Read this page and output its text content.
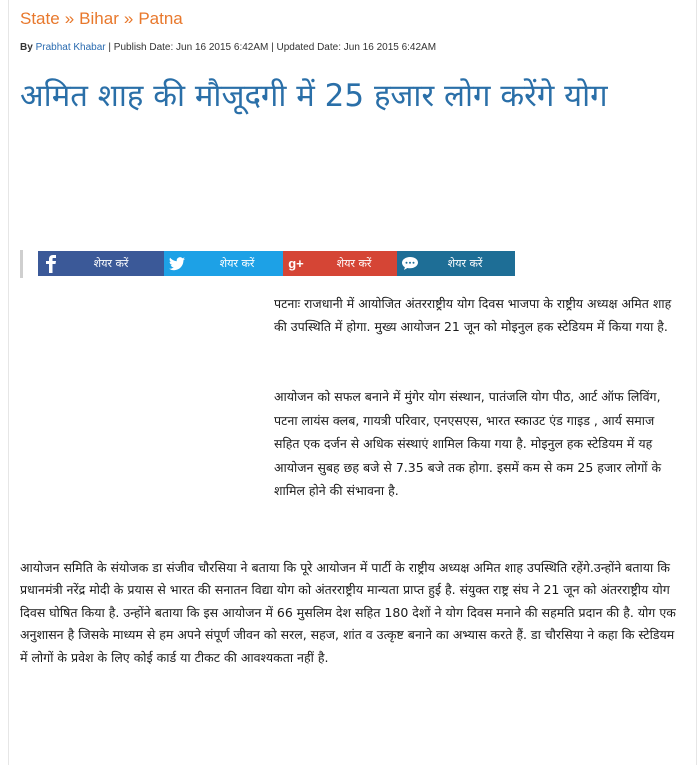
State » Bihar » Patna
By Prabhat Khabar | Publish Date: Jun 16 2015 6:42AM | Updated Date: Jun 16 2015 6:42AM
अमित शाह की मौजूदगी में 25 हजार लोग करेंगे योग
शेयर करें	शेयर करें	g+	शेयर करें	शेयर करें

पटनाः राजधानी में आयोजित अंतरराष्ट्रीय योग दिवस भाजपा के राष्ट्रीय अध्यक्ष अमित शाह की उपस्थिति में होगा. मुख्य आयोजन 21 जून को मोइनुल हक स्टेडियम में किया गया है.

आयोजन को सफल बनाने में मुंगेर योग संस्थान, पातंजलि योग पीठ, आर्ट ऑफ लिविंग, पटना लायंस क्लब, गायत्री परिवार, एनएसएस, भारत स्काउट एंड गाइड , आर्य समाज सहित एक दर्जन से अधिक संस्थाएं शामिल किया गया है. मोइनुल हक स्टेडियम में यह आयोजन सुबह छह बजे से 7.35 बजे तक होगा. इसमें कम से कम 25 हजार लोगों के शामिल होने की संभावना है.

आयोजन समिति के संयोजक डा संजीव चौरसिया ने बताया कि पूरे आयोजन में पार्टी के राष्ट्रीय अध्यक्ष अमित शाह उपस्थिति रहेंगे.उन्होंने बताया कि प्रधानमंत्री नरेंद्र मोदी के प्रयास से भारत की सनातन विद्या योग को अंतरराष्ट्रीय मान्यता प्राप्त हुई है. संयुक्त राष्ट्र संघ ने 21 जून को अंतरराष्ट्रीय योग दिवस घोषित किया है. उन्होंने बताया कि इस आयोजन में 66 मुसलिम देश सहित 180 देशों ने योग दिवस मनाने की सहमति प्रदान की है. योग एक अनुशासन है जिसके माध्यम से हम अपने संपूर्ण जीवन को सरल, सहज, शांत व उत्कृष्ट बनाने का अभ्यास करते हैं. डा चौरसिया ने कहा कि स्टेडियम में लोगों के प्रवेश के लिए कोई कार्ड या टीकट की आवश्यकता नहीं है.
